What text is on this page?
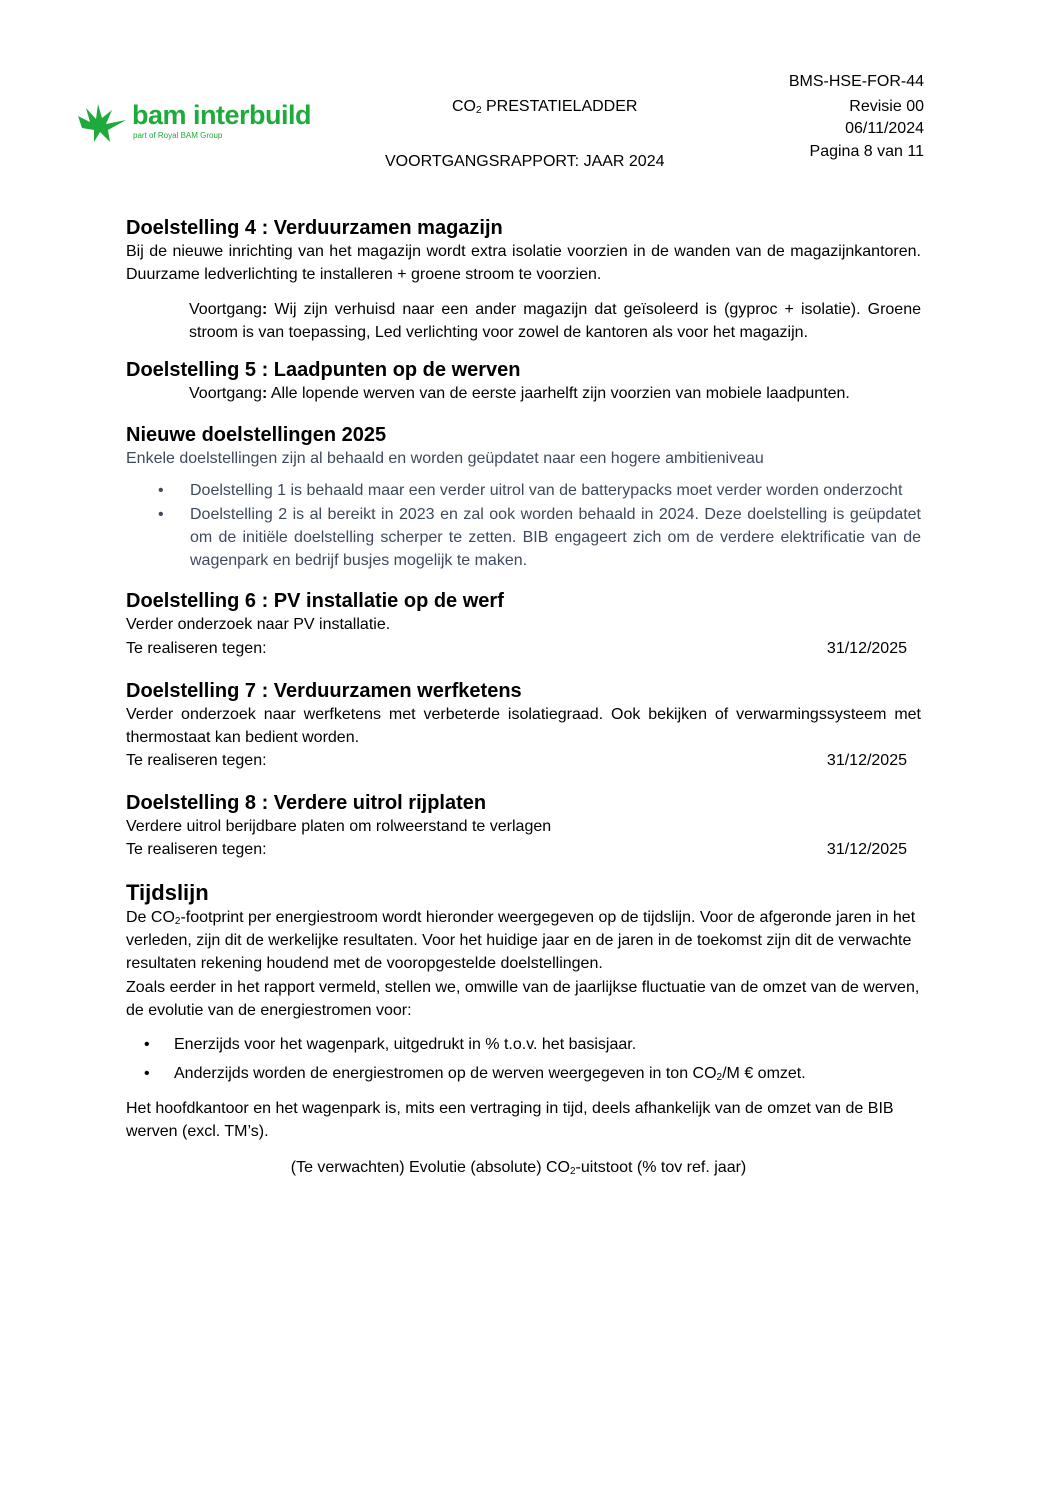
bam interbuild
part of Royal BAM Group
$CO_2$ PRESTATIELADDER
VOORTGANGSRAPPORT: JAAR 2024
BMS-HSE-FOR-44
Revisie 00
06/11/2024
Pagina 8 van 11
Doelstelling 4 : Verduurzamen magazijn

Bij de nieuwe inrichting van het magazijn wordt extra isolatie voorzien in de wanden van de magazijnkantoren. Duurzame ledverlichting te installeren + groene stroom te voorzien.

Voortgang: Wij zijn verhuisd naar een ander magazijn dat geïsoleerd is (gyproc + isolatie). Groene stroom is van toepassing, Led verlichting voor zowel de kantoren als voor het magazijn.

Doelstelling 5 : Laadpunten op de werven

Voortgang: Alle lopende werven van de eerste jaarhelft zijn voorzien van mobiele laadpunten.

Nieuwe doelstellingen 2025

Enkele doelstellingen zijn al behaald en worden geüpdatet naar een hogere ambitieniveau

• Doelstelling 1 is behaald maar een verder uitrol van de batterypacks moet verder worden onderzocht
• Doelstelling 2 is al bereikt in 2023 en zal ook worden behaald in 2024. Deze doelstelling is geüpdatet om de initiële doelstelling scherper te zetten. BIB engageert zich om de verdere elektrificatie van de wagenpark en bedrijf busjes mogelijk te maken.
Doelstelling 6 : PV installatie op de werf

Verder onderzoek naar PV installatie.

Te realiseren tegen:	31/12/2025
Doelstelling 7 : Verduurzamen werfketens

Verder onderzoek naar werfketens met verbeterde isolatiegraad. Ook bekijken of verwarmingssysteem met thermostaat kan bedient worden.

Te realiseren tegen:	31/12/2025
Doelstelling 8 : Verdere uitrol rijplaten

Verdere uitrol berijdbare platen om rolweerstand te verlagen

Te realiseren tegen:	31/12/2025
Tijdslijn

De $CO_2$-footprint per energiestroom wordt hieronder weergegeven op de tijdslijn. Voor de afgeronde jaren in het verleden, zijn dit de werkelijke resultaten. Voor het huidige jaar en de jaren in de toekomst zijn dit de verwachte resultaten rekening houdend met de vooropgestelde doelstellingen.

Zoals eerder in het rapport vermeld, stellen we, omwille van de jaarlijkse fluctuatie van de omzet van de werven, de evolutie van de energiestromen voor:

• Enerzijds voor het wagenpark, uitgedrukt in % t.o.v. het basisjaar.
• Anderzijds worden de energiestromen op de werven weergegeven in ton $CO_2/M$ € omzet.

Het hoofdkantoor en het wagenpark is, mits een vertraging in tijd, deels afhankelijk van de omzet van de BIB werven (excl. TM’s).

(Te verwachten) Evolutie (absolute) $CO_2$-uitstoot (% tov ref. jaar)
